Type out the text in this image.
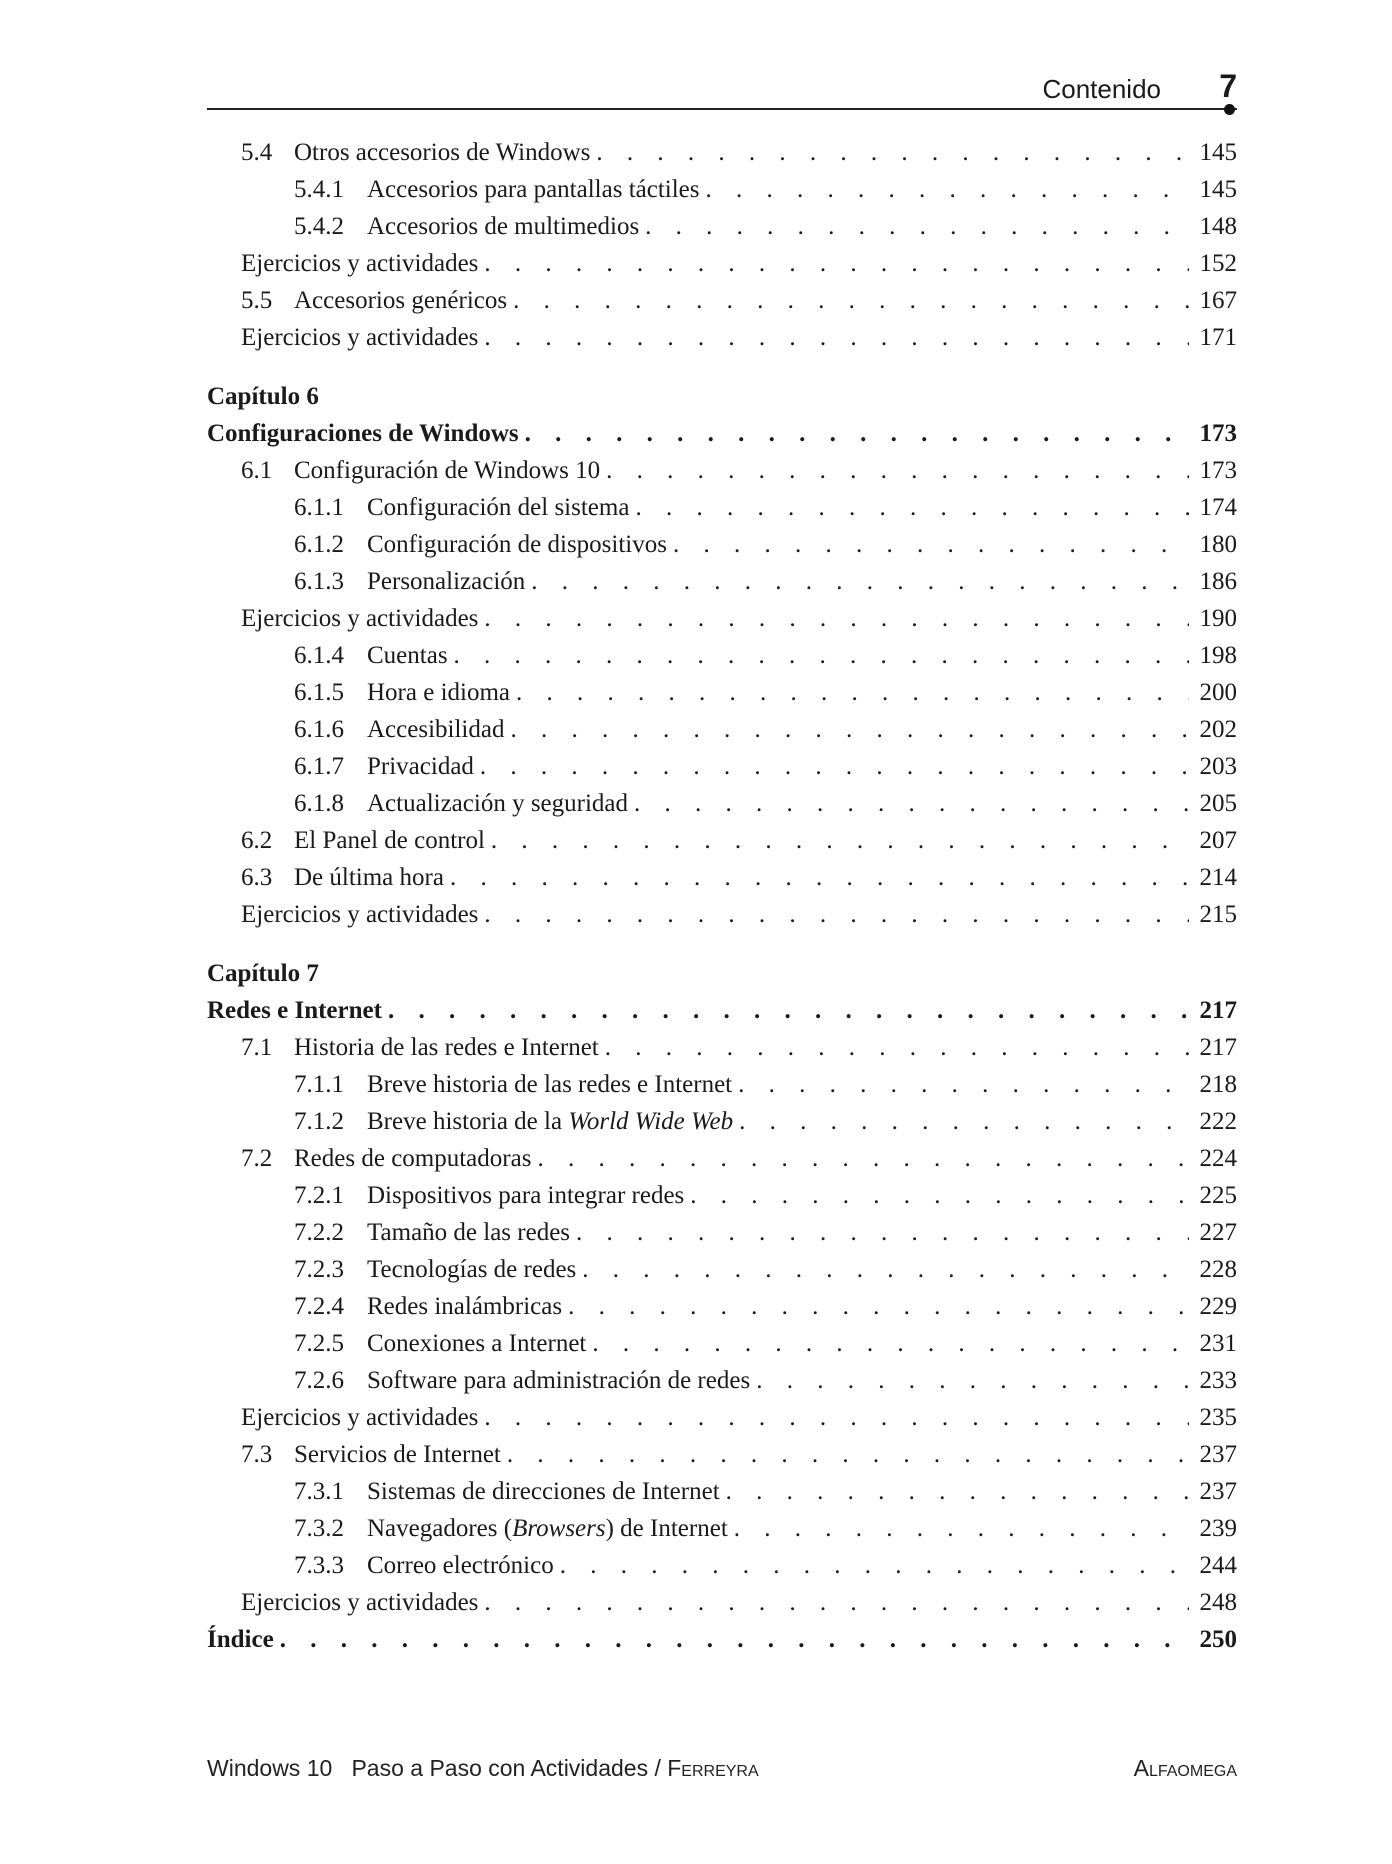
Contenido 7
5.4 Otros accesorios de Windows . . .	145
5.4.1 Accesorios para pantallas táctiles . . .	145
5.4.2 Accesorios de multimedios . . .	148
Ejercicios y actividades . . .	152
5.5 Accesorios genéricos . . .	167
Ejercicios y actividades . . .	171
Capítulo 6
Configuraciones de Windows . . .	173
6.1 Configuración de Windows 10 . . .	173
6.1.1 Configuración del sistema . . .	174
6.1.2 Configuración de dispositivos . . .	180
6.1.3 Personalización . . .	186
Ejercicios y actividades . . .	190
6.1.4 Cuentas . . .	198
6.1.5 Hora e idioma . . .	200
6.1.6 Accesibilidad . . .	202
6.1.7 Privacidad . . .	203
6.1.8 Actualización y seguridad . . .	205
6.2 El Panel de control . . .	207
6.3 De última hora . . .	214
Ejercicios y actividades . . .	215
Capítulo 7
Redes e Internet . . .	217
7.1 Historia de las redes e Internet . . .	217
7.1.1 Breve historia de las redes e Internet . . .	218
7.1.2 Breve historia de la World Wide Web . . .	222
7.2 Redes de computadoras . . .	224
7.2.1 Dispositivos para integrar redes . . .	225
7.2.2 Tamaño de las redes . . .	227
7.2.3 Tecnologías de redes . . .	228
7.2.4 Redes inalámbricas . . .	229
7.2.5 Conexiones a Internet . . .	231
7.2.6 Software para administración de redes . . .	233
Ejercicios y actividades . . .	235
7.3 Servicios de Internet . . .	237
7.3.1 Sistemas de direcciones de Internet . . .	237
7.3.2 Navegadores (Browsers) de Internet . . .	239
7.3.3 Correo electrónico . . .	244
Ejercicios y actividades . . .	248
Índice . . .	250
Windows 10   Paso a Paso con Actividades / Ferreyra	Alfaomega
